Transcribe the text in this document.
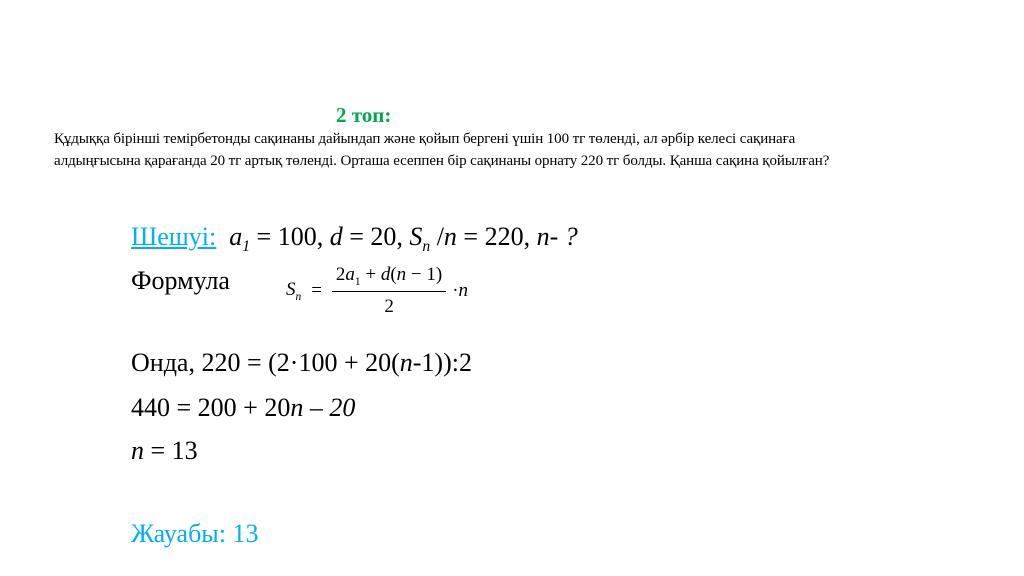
2 топ:
Құдыққа бірінші темірбетонды сақинаны дайындап және қойып бергені үшін 100 тг төленді, ал әрбір келесі сақинаға
алдыңғысына қарағанда 20 тг артық төленді. Орташа есеппен бір сақинаны орнату 220 тг болды. Қанша сақина қойылған?
Шешуі: $a_1 = 100$, d = 20, $S_n$ /n = 220, n- ?
Формула	$S_n = \frac{2a_1 + d(n - 1)}{2} \cdot n$
Онда, 220 = (2·100 + 20(n-1)):2
440 = 200 + 20n – 20
n = 13
Жауабы: 13
